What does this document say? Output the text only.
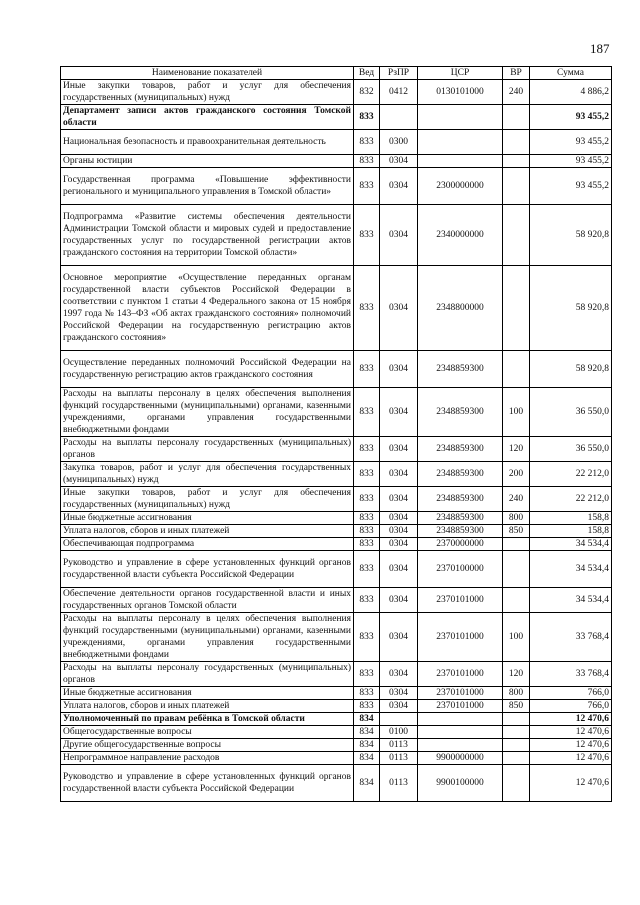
187
Наименование показателей	Вед	РзПР	ЦСР	ВР	Сумма
Иные закупки товаров, работ и услуг для обеспечения государственных (муниципальных) нужд	832	0412	0130101000	240	4 886,2
Департамент записи актов гражданского состояния Томской области	833				93 455,2
Национальная безопасность и правоохранительная деятельность	833	0300			93 455,2
Органы юстиции	833	0304			93 455,2
Государственная программа «Повышение эффективности регионального и муниципального управления в Томской области»	833	0304	2300000000		93 455,2
Подпрограмма «Развитие системы обеспечения деятельности Администрации Томской области и мировых судей и предоставление государственных услуг по государственной регистрации актов гражданского состояния на территории Томской области»	833	0304	2340000000		58 920,8
Основное мероприятие «Осуществление переданных органам государственной власти субъектов Российской Федерации в соответствии с пунктом 1 статьи 4 Федерального закона от 15 ноября 1997 года № 143–ФЗ «Об актах гражданского состояния» полномочий Российской Федерации на государственную регистрацию актов гражданского состояния»	833	0304	2348800000		58 920,8
Осуществление переданных полномочий Российской Федерации на государственную регистрацию актов гражданского состояния	833	0304	2348859300		58 920,8
Расходы на выплаты персоналу в целях обеспечения выполнения функций государственными (муниципальными) органами, казенными учреждениями, органами управления государственными внебюджетными фондами	833	0304	2348859300	100	36 550,0
Расходы на выплаты персоналу государственных (муниципальных) органов	833	0304	2348859300	120	36 550,0
Закупка товаров, работ и услуг для обеспечения государственных (муниципальных) нужд	833	0304	2348859300	200	22 212,0
Иные закупки товаров, работ и услуг для обеспечения государственных (муниципальных) нужд	833	0304	2348859300	240	22 212,0
Иные бюджетные ассигнования	833	0304	2348859300	800	158,8
Уплата налогов, сборов и иных платежей	833	0304	2348859300	850	158,8
Обеспечивающая подпрограмма	833	0304	2370000000		34 534,4
Руководство и управление в сфере установленных функций органов государственной власти субъекта Российской Федерации	833	0304	2370100000		34 534,4
Обеспечение деятельности органов государственной власти и иных государственных органов Томской области	833	0304	2370101000		34 534,4
Расходы на выплаты персоналу в целях обеспечения выполнения функций государственными (муниципальными) органами, казенными учреждениями, органами управления государственными внебюджетными фондами	833	0304	2370101000	100	33 768,4
Расходы на выплаты персоналу государственных (муниципальных) органов	833	0304	2370101000	120	33 768,4
Иные бюджетные ассигнования	833	0304	2370101000	800	766,0
Уплата налогов, сборов и иных платежей	833	0304	2370101000	850	766,0
Уполномоченный по правам ребёнка в Томской области	834				12 470,6
Общегосударственные вопросы	834	0100			12 470,6
Другие общегосударственные вопросы	834	0113			12 470,6
Непрограммное направление расходов	834	0113	9900000000		12 470,6
Руководство и управление в сфере установленных функций органов государственной власти субъекта Российской Федерации	834	0113	9900100000		12 470,6
